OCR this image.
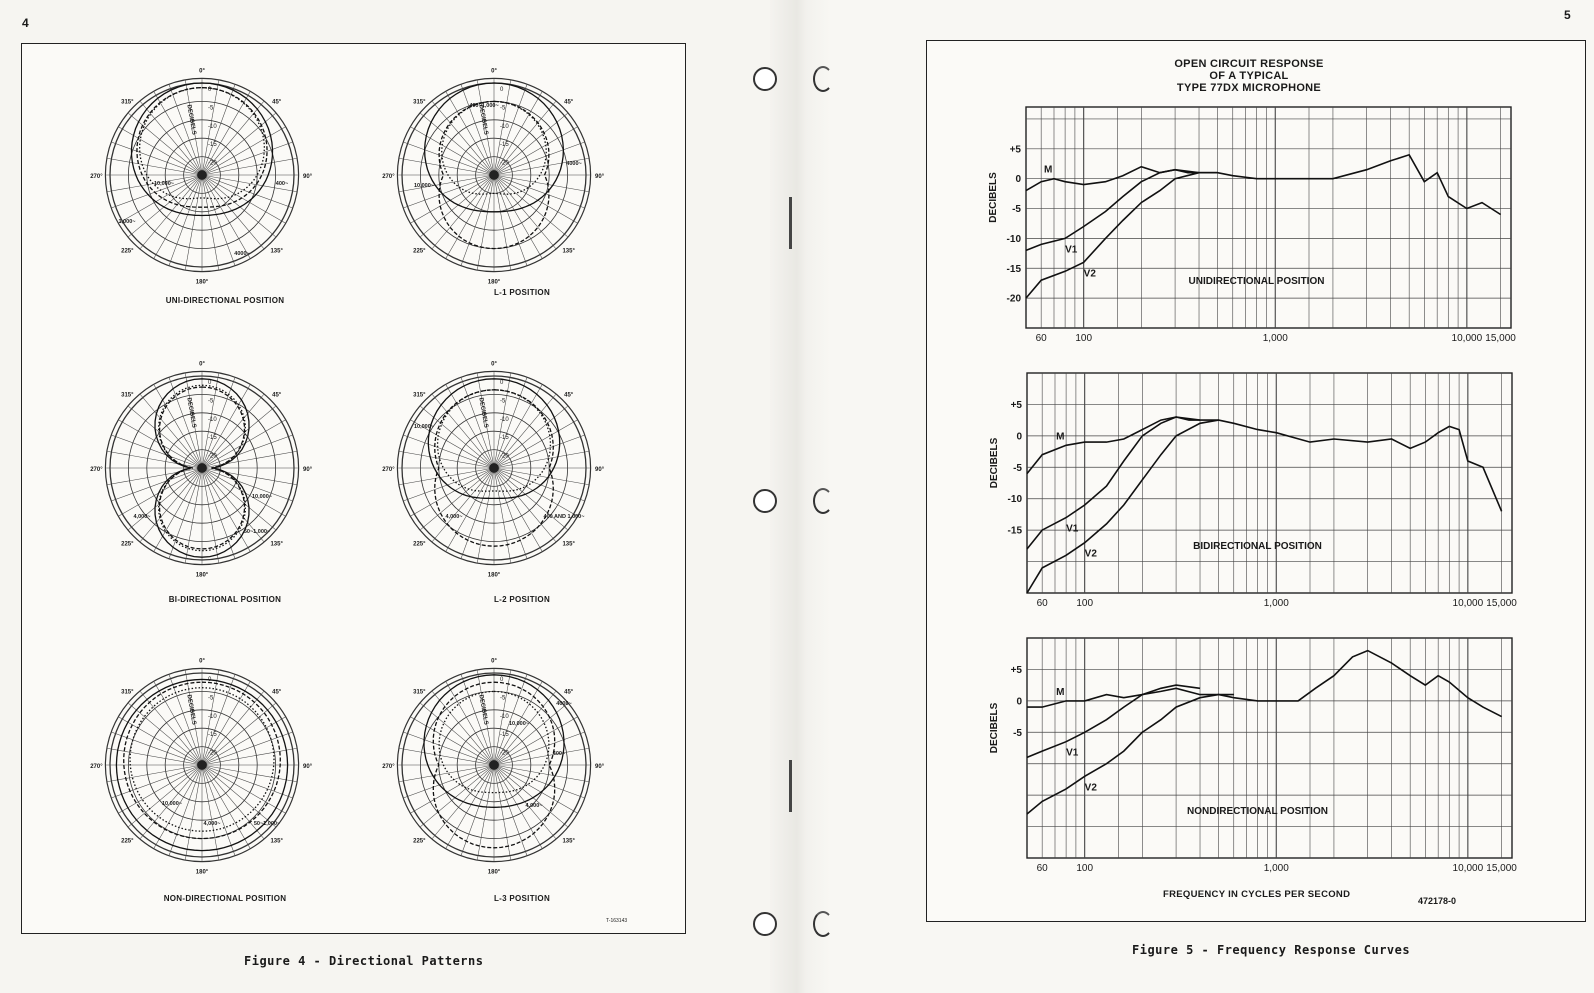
4
5
0°
45°
90°
135°
180°
225°
270°
315°
0
-5
-10
-15
-20
DECIBELS
10,000~
1,000~
400~
4000~
0°
45°
90°
135°
180°
225°
270°
315°
0
-5
-10
-15
-20
DECIBELS
400~1,000~
4000~
10,000~
0°
45°
90°
135°
180°
225°
270°
315°
0
-5
-10
-15
-20
DECIBELS
10,000~
4,000~
50~1,000~
0°
45°
90°
135°
180°
225°
270°
315°
0
-5
-10
-15
-20
DECIBELS
10,000~
4,000~	400 AND 1,000~
0°
45°
90°
135°
180°
225°
270°
315°
0
-5
-10
-15
-20
DECIBELS
10,000~
4,000~	50~1,000~
0°
45°
90°
135°
180°
225°
270°
315°
0
-5
-10
-15
-20
DECIBELS	4000~
400~
10,000~
4,000~
UNI-DIRECTIONAL POSITION
L-1 POSITION
BI-DIRECTIONAL POSITION	L-2 POSITION
NON-DIRECTIONAL POSITION	L-3 POSITION
T-163143
Figure 4 - Directional Patterns
OPEN CIRCUIT RESPONSE
OF A TYPICAL
TYPE 77DX MICROPHONE
+5
0
-5
-10
-15
-20
DECIBELS
60	100	1,000	10,000 15,000
UNIDIRECTIONAL POSITION
M
V1
V2
+5
0
-5
-10
-15
DECIBELS
60	100	1,000	10,000 15,000
BIDIRECTIONAL POSITION
M
V1
V2
+5
0
-5
DECIBELS
60	100	1,000	10,000 15,000
NONDIRECTIONAL POSITION
M
V1
V2
FREQUENCY IN CYCLES PER SECOND
472178-0
Figure 5 - Frequency Response Curves
